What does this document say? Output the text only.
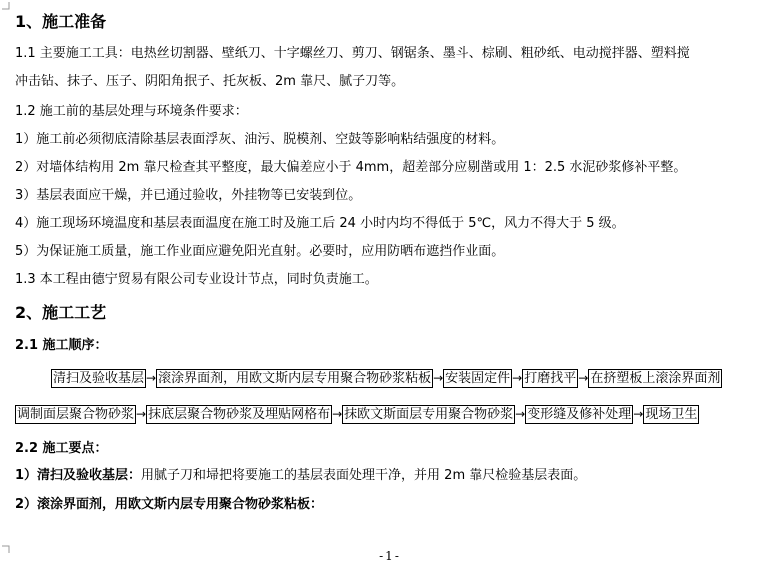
1、施工准备
1.1 主要施工工具：电热丝切割器、壁纸刀、十字螺丝刀、剪刀、钢锯条、墨斗、棕刷、粗砂纸、电动搅拌器、塑料搅
冲击钻、抹子、压子、阴阳角抿子、托灰板、2m 靠尺、腻子刀等。
1.2 施工前的基层处理与环境条件要求：
1）施工前必须彻底清除基层表面浮灰、油污、脱模剂、空鼓等影响粘结强度的材料。
2）对墙体结构用 2m 靠尺检查其平整度，最大偏差应小于 4mm，超差部分应剔凿或用 1：2.5 水泥砂浆修补平整。
3）基层表面应干燥，并已通过验收，外挂物等已安装到位。
4）施工现场环境温度和基层表面温度在施工时及施工后 24 小时内均不得低于 5℃，风力不得大于 5 级。
5）为保证施工质量，施工作业面应避免阳光直射。必要时，应用防晒布遮挡作业面。
1.3 本工程由德宁贸易有限公司专业设计节点，同时负责施工。
2、施工工艺
2.1 施工顺序：
清扫及验收基层 → 滚涂界面剂，用欧文斯内层专用聚合物砂浆粘板 → 安装固定件 → 打磨找平 → 在挤塑板上滚涂界面剂
调制面层聚合物砂浆 → 抹底层聚合物砂浆及埋贴网格布 → 抹欧文斯面层专用聚合物砂浆 → 变形缝及修补处理 → 现场卫生
2.2 施工要点：
1）清扫及验收基层：用腻子刀和埽把将要施工的基层表面处理干净，并用 2m 靠尺检验基层表面。
2）滚涂界面剂，用欧文斯内层专用聚合物砂浆粘板：
-1-
